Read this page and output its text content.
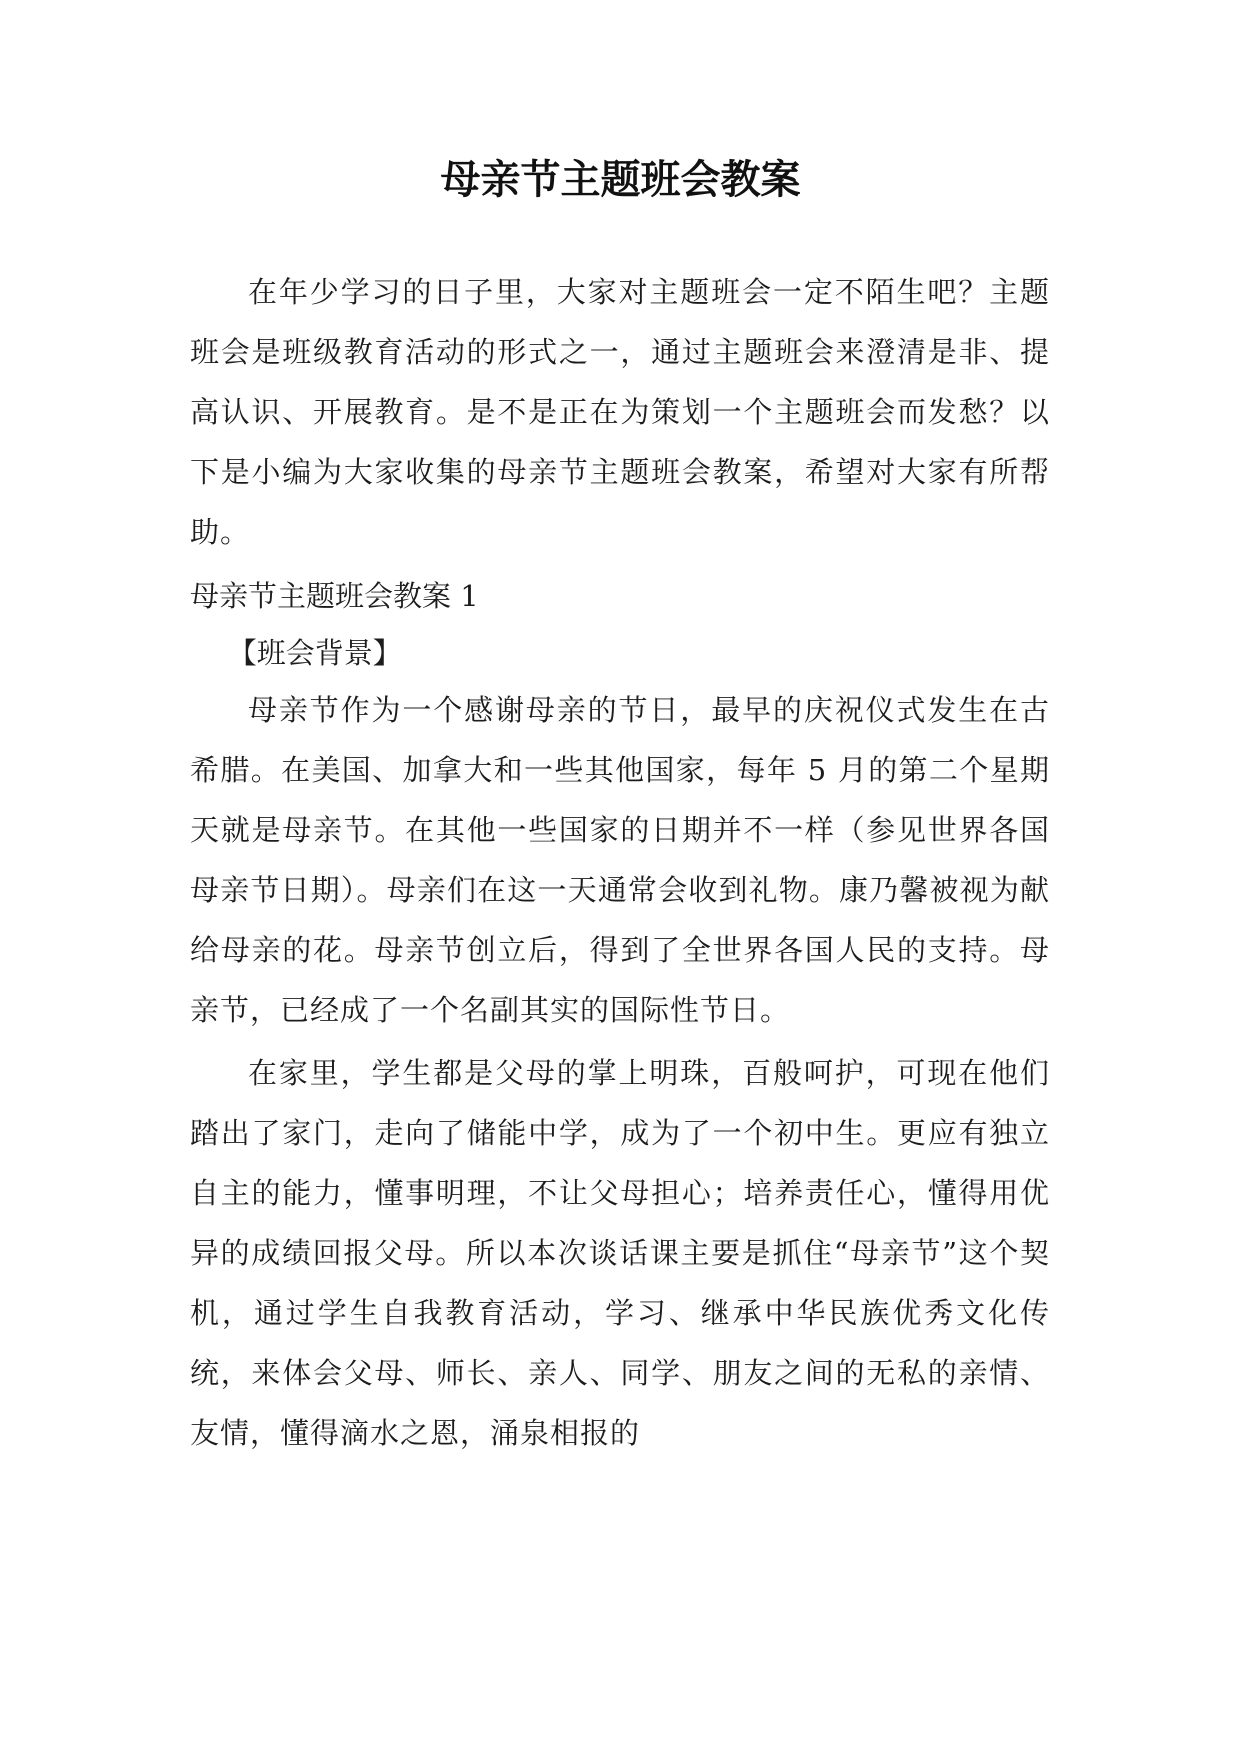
母亲节主题班会教案

在年少学习的日子里，大家对主题班会一定不陌生吧？主题班会是班级教育活动的形式之一，通过主题班会来澄清是非、提高认识、开展教育。是不是正在为策划一个主题班会而发愁？以下是小编为大家收集的母亲节主题班会教案，希望对大家有所帮助。

母亲节主题班会教案 1

【班会背景】

母亲节作为一个感谢母亲的节日，最早的庆祝仪式发生在古希腊。在美国、加拿大和一些其他国家，每年 5 月的第二个星期天就是母亲节。在其他一些国家的日期并不一样（参见世界各国母亲节日期）。母亲们在这一天通常会收到礼物。康乃馨被视为献给母亲的花。母亲节创立后，得到了全世界各国人民的支持。母亲节，已经成了一个名副其实的国际性节日。

在家里，学生都是父母的掌上明珠，百般呵护，可现在他们踏出了家门，走向了储能中学，成为了一个初中生。更应有独立自主的能力，懂事明理，不让父母担心；培养责任心，懂得用优异的成绩回报父母。所以本次谈话课主要是抓住“母亲节”这个契机，通过学生自我教育活动，学习、继承中华民族优秀文化传统，来体会父母、师长、亲人、同学、朋友之间的无私的亲情、友情，懂得滴水之恩，涌泉相报的
